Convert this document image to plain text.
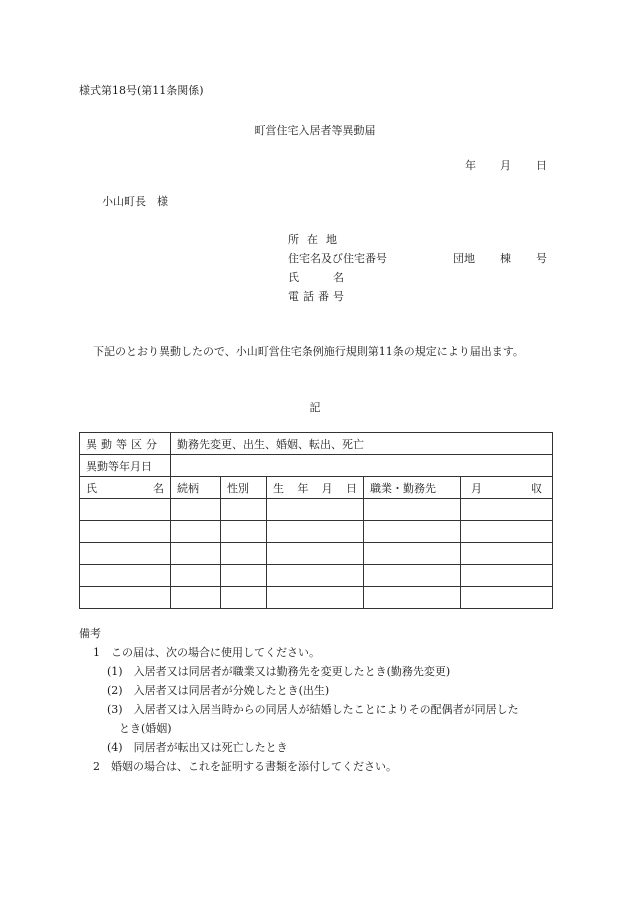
様式第18号(第11条関係)
町営住宅入居者等異動届
年 月 日
小山町長　様
所在地
住宅名及び住宅番号	団地 棟 号
氏名
電話番号
下記のとおり異動したので、小山町営住宅条例施行規則第11条の規定により届出ます。
記
異動等区分	勤務先変更、出生、婚姻、転出、死亡				
異動等年月日					

氏 名	続柄	性別	生 年 月 日	職業・勤務先	月 収

備考
1　この届は、次の場合に使用してください。
(1)　入居者又は同居者が職業又は勤務先を変更したとき(勤務先変更)
(2)　入居者又は同居者が分娩したとき(出生)
(3)　入居者又は入居当時からの同居人が結婚したことによりその配偶者が同居した
とき(婚姻)
(4)　同居者が転出又は死亡したとき
2　婚姻の場合は、これを証明する書類を添付してください。
